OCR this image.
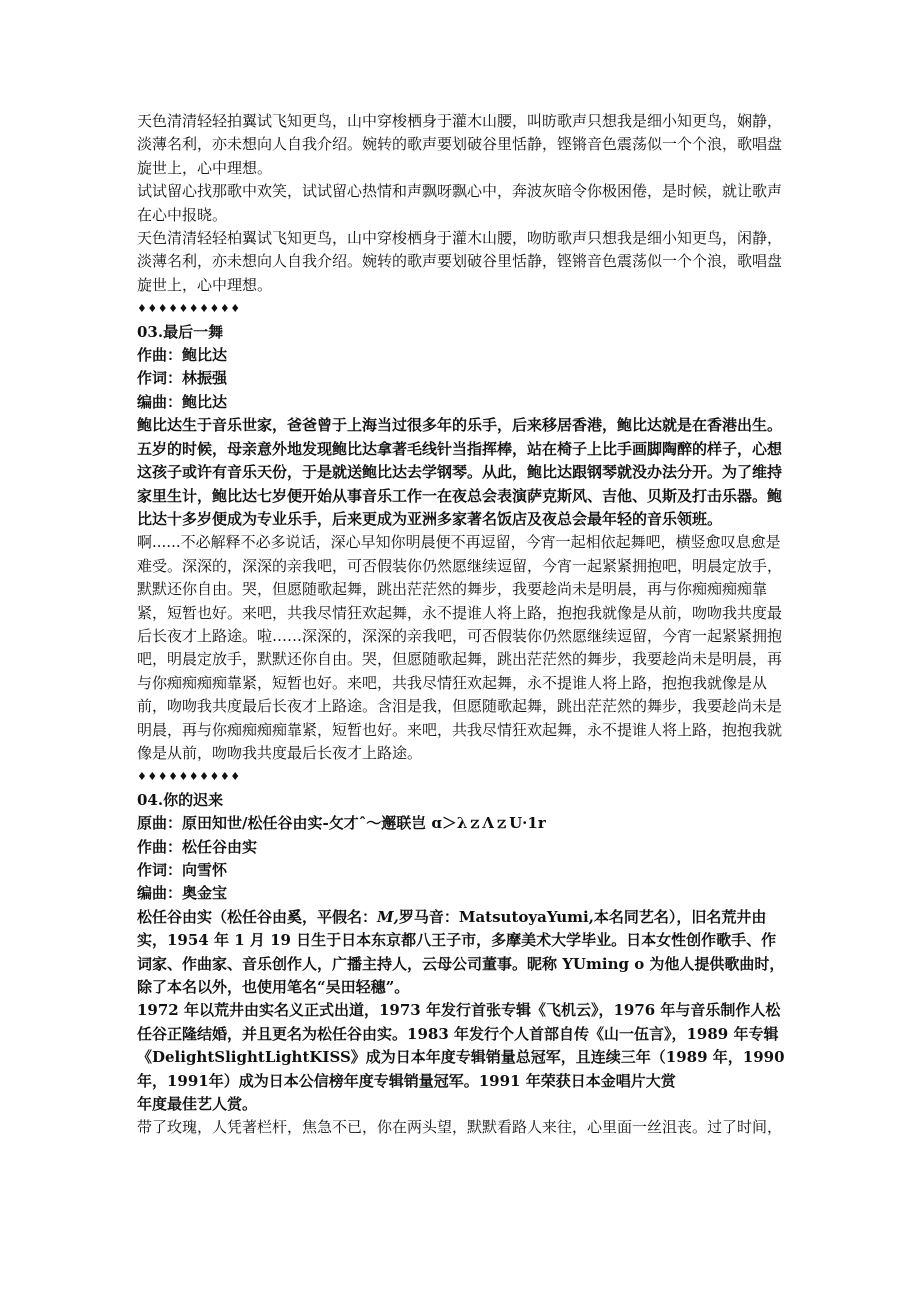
天色清清轻轻拍翼试飞知更鸟，山中穿梭栖身于灌木山腰，叫昉歌声只想我是细小知更鸟，娴静，淡薄名利，亦未想向人自我介绍。婉转的歌声要划破谷里恬静，铿锵音色震荡似一个个浪，歌唱盘旋世上，心中理想。

试试留心找那歌中欢笑，试试留心热情和声飘呀飘心中，奔波灰暗令你极困倦，是时候，就让歌声在心中报晓。

天色清清轻轻柏翼试飞知更鸟，山中穿梭栖身于灌木山腰，吻昉歌声只想我是细小知更鸟，闲静，淡薄名利，亦未想向人自我介绍。婉转的歌声要划破谷里恬静，铿锵音色震荡似一个个浪，歌唱盘旋世上，心中理想。

♦♦♦♦♦♦♦♦♦♦

03.最后一舞

作曲：鲍比达

作词：林振强

编曲：鲍比达

鲍比达生于音乐世家，爸爸曾于上海当过很多年的乐手，后来移居香港，鲍比达就是在香港出生。五岁的时候，母亲意外地发现鲍比达拿著毛线针当指挥棒，站在椅子上比手画脚陶醉的样子，心想这孩子或许有音乐天份，于是就送鲍比达去学钢琴。从此，鲍比达跟钢琴就没办法分开。为了维持家里生计，鲍比达七岁便开始从事音乐工作一在夜总会表演萨克斯风、吉他、贝斯及打击乐器。鲍比达十多岁便成为专业乐手，后来更成为亚洲多家著名饭店及夜总会最年轻的音乐领班。

啊......不必解释不必多说话，深心早知你明晨便不再逗留，今宵一起相依起舞吧，横竖愈叹息愈是难受。深深的，深深的亲我吧，可否假装你仍然愿继续逗留，今宵一起紧紧拥抱吧，明晨定放手，默默还你自由。哭，但愿随歌起舞，跳出茫茫然的舞步，我要趁尚未是明晨，再与你痴痴痴痴靠紧，短暂也好。来吧，共我尽情狂欢起舞，永不提谁人将上路，抱抱我就像是从前，吻吻我共度最后长夜才上路途。啦……深深的，深深的亲我吧，可否假装你仍然愿继续逗留，今宵一起紧紧拥抱吧，明晨定放手，默默还你自由。哭，但愿随歌起舞，跳出茫茫然的舞步，我要趁尚未是明晨，再与你痴痴痴痴靠紧，短暂也好。来吧，共我尽情狂欢起舞，永不提谁人将上路，抱抱我就像是从前，吻吻我共度最后长夜才上路途。含泪是我，但愿随歌起舞，跳出茫茫然的舞步，我要趁尚未是明晨，再与你痴痴痴痴靠紧，短暂也好。来吧，共我尽情狂欢起舞，永不提谁人将上路，抱抱我就像是从前，吻吻我共度最后长夜才上路途。

♦♦♦♦♦♦♦♦♦♦

04.你的迟来

原曲：原田知世/松任谷由实-攵才ˆ～邂联岂 ɑ＞λｚΛｚU·1r

作曲：松任谷由实

作词：向雪怀

编曲：奥金宝

松任谷由实（松任谷由奚，平假名：M,罗马音：MatsutoyaYumi,本名同艺名），旧名荒井由实，1954 年 1 月 19 日生于日本东京都八王子市，多摩美术大学毕业。日本女性创作歌手、作词家、作曲家、音乐创作人，广播主持人，云母公司董事。昵称 YUming o 为他人提供歌曲时，除了本名以外，也使用笔名“吴田轻穗”。

1972 年以荒井由实名义正式出道，1973 年发行首张专辑《飞机云》，1976 年与音乐制作人松任谷正隆结婚，并且更名为松任谷由实。1983 年发行个人首部自传《山一伍言》，1989 年专辑《DelightSlightLightKISS》成为日本年度专辑销量总冠军，且连续三年（1989 年，1990 年，1991年）成为日本公信榜年度专辑销量冠军。1991 年荣获日本金唱片大赏

年度最佳艺人赏。

带了玫瑰，人凭著栏杆，焦急不已，你在两头望，默默看路人来往，心里面一丝沮丧。过了时间，
